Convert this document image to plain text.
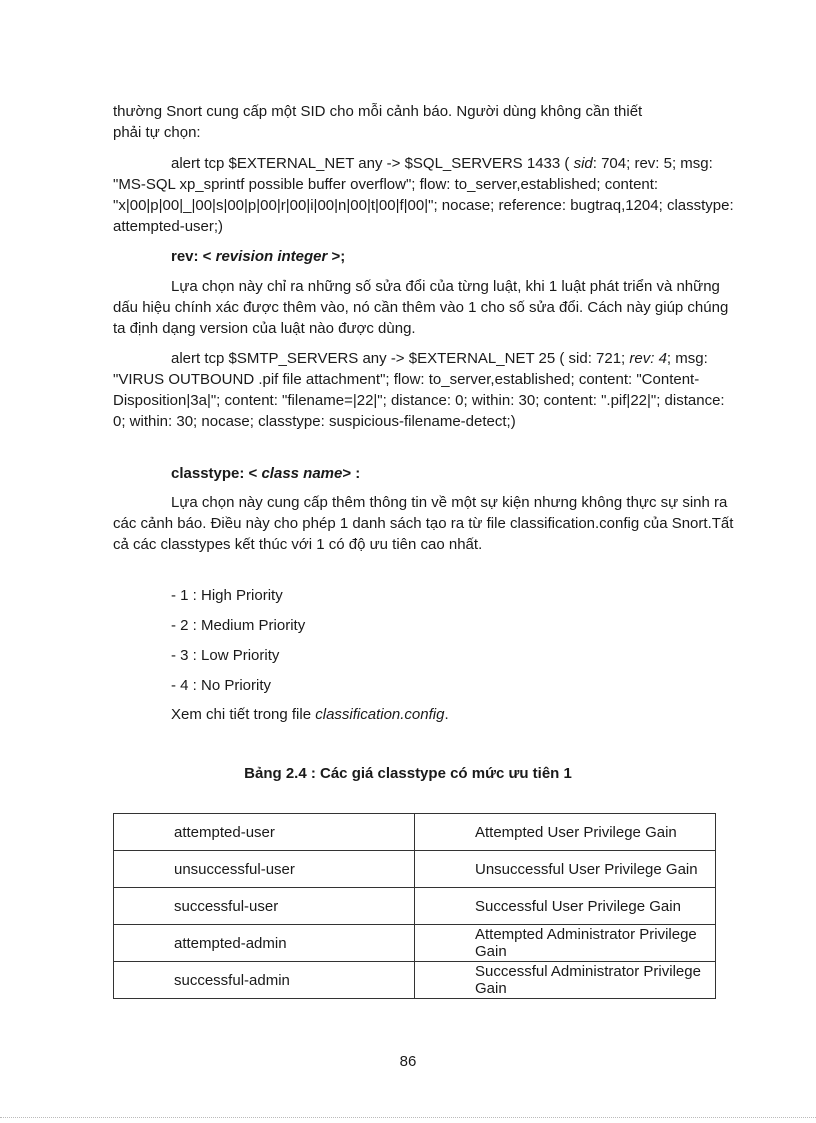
thường Snort cung cấp một SID cho mỗi cảnh báo. Người dùng không cần thiết
phải tự chọn:

alert tcp $EXTERNAL_NET any -> $SQL_SERVERS 1433 ( sid: 704; rev: 5; msg: "MS-SQL xp_sprintf possible buffer overflow"; flow: to_server,established; content: "x|00|p|00|_|00|s|00|p|00|r|00|i|00|n|00|t|00|f|00|"; nocase; reference: bugtraq,1204; classtype: attempted-user;)

rev: < revision integer >;

Lựa chọn này chỉ ra những số sửa đổi của từng luật, khi 1 luật phát triển và những dấu hiệu chính xác được thêm vào, nó cần thêm vào 1 cho số sửa đổi. Cách này giúp chúng ta định dạng version của luật nào được dùng.

alert tcp $SMTP_SERVERS any -> $EXTERNAL_NET 25 ( sid: 721; rev: 4; msg: "VIRUS OUTBOUND .pif file attachment"; flow: to_server,established; content: "Content-Disposition|3a|"; content: "filename=|22|"; distance: 0; within: 30; content: ".pif|22|"; distance: 0; within: 30; nocase; classtype: suspicious-filename-detect;)

classtype: < class name> :

Lựa chọn này cung cấp thêm thông tin về một sự kiện nhưng không thực sự sinh ra các cảnh báo. Điều này cho phép 1 danh sách tạo ra từ file classification.config của Snort.Tất cả các classtypes kết thúc với 1 có độ ưu tiên cao nhất.

- 1 : High Priority
- 2 : Medium Priority
- 3 : Low Priority
- 4 : No Priority

Xem chi tiết trong file classification.config.

Bảng 2.4 : Các giá classtype có mức ưu tiên 1
attempted-user	Attempted User Privilege Gain
unsuccessful-user	Unsuccessful User Privilege Gain
successful-user	Successful User Privilege Gain
attempted-admin	Attempted Administrator Privilege Gain
successful-admin	Successful Administrator Privilege Gain
86
